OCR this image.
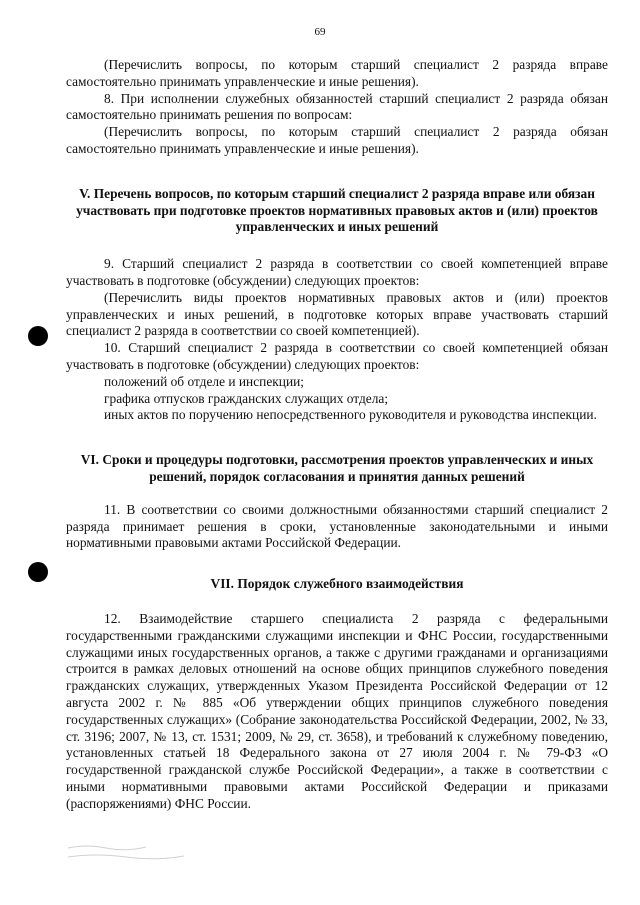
69

(Перечислить вопросы, по которым старший специалист 2 разряда вправе самостоятельно принимать управленческие и иные решения).

8. При исполнении служебных обязанностей старший специалист 2 разряда обязан самостоятельно принимать решения по вопросам:

(Перечислить вопросы, по которым старший специалист 2 разряда обязан самостоятельно принимать управленческие и иные решения).

V. Перечень вопросов, по которым старший специалист 2 разряда вправе или обязан участвовать при подготовке проектов нормативных правовых актов и (или) проектов управленческих и иных решений

9. Старший специалист 2 разряда в соответствии со своей компетенцией вправе участвовать в подготовке (обсуждении) следующих проектов:

(Перечислить виды проектов нормативных правовых актов и (или) проектов управленческих и иных решений, в подготовке которых вправе участвовать старший специалист 2 разряда в соответствии со своей компетенцией).

10. Старший специалист 2 разряда в соответствии со своей компетенцией обязан участвовать в подготовке (обсуждении) следующих проектов:

положений об отделе и инспекции;

графика отпусков гражданских служащих отдела;

иных актов по поручению непосредственного руководителя и руководства инспекции.

VI. Сроки и процедуры подготовки, рассмотрения проектов управленческих и иных решений, порядок согласования и принятия данных решений

11. В соответствии со своими должностными обязанностями старший специалист 2 разряда принимает решения в сроки, установленные законодательными и иными нормативными правовыми актами Российской Федерации.

VII. Порядок служебного взаимодействия

12. Взаимодействие старшего специалиста 2 разряда с федеральными государственными гражданскими служащими инспекции и ФНС России, государственными служащими иных государственных органов, а также с другими гражданами и организациями строится в рамках деловых отношений на основе общих принципов служебного поведения гражданских служащих, утвержденных Указом Президента Российской Федерации от 12 августа 2002 г. № 885 «Об утверждении общих принципов служебного поведения государственных служащих» (Собрание законодательства Российской Федерации, 2002, № 33, ст. 3196; 2007, № 13, ст. 1531; 2009, № 29, ст. 3658), и требований к служебному поведению, установленных статьей 18 Федерального закона от 27 июля 2004 г. № 79-ФЗ «О государственной гражданской службе Российской Федерации», а также в соответствии с иными нормативными правовыми актами Российской Федерации и приказами (распоряжениями) ФНС России.
